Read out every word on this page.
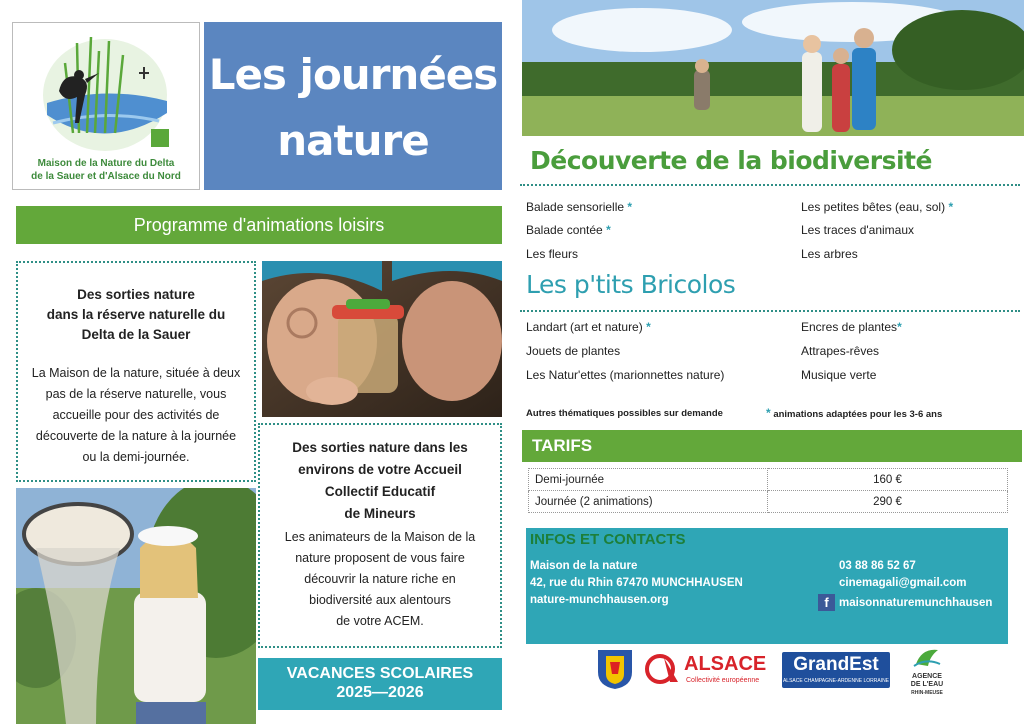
Maison de la Nature du Delta
de la Sauer et d'Alsace du Nord
Les journées
nature
Programme d'animations loisirs
Des sorties nature
dans la réserve naturelle du
Delta de la Sauer
La Maison de la nature, située à deux
pas de la réserve naturelle, vous
accueille pour des activités de
découverte de la nature à la journée
ou la demi-journée.
Des sorties nature dans les
environs de votre Accueil
Collectif Educatif
de Mineurs
Les animateurs de la Maison de la
nature proposent de vous faire
découvrir la nature riche en
biodiversité aux alentours
de votre ACEM.
VACANCES SCOLAIRES
2025—2026
Découverte de la biodiversité
Balade sensorielle *
Balade contée *
Les fleurs
Les petites bêtes (eau, sol) *
Les traces d'animaux
Les arbres
Les p'tits Bricolos
Landart (art et nature) *
Jouets de plantes
Les Natur'ettes (marionnettes nature)
Encres de plantes*
Attrapes-rêves
Musique verte
Autres thématiques possibles sur demande	* animations adaptées pour les 3-6 ans
TARIFS
Demi-journée	160 €
Journée (2 animations)	290 €
INFOS ET CONTACTS
Maison de la nature
42, rue du Rhin 67470 MUNCHHAUSEN
nature-munchhausen.org
03 88 86 52 67
cinemagali@gmail.com
f maisonnaturemunchhausen
ALSACE
Collectivité européenne
GrandEst
ALSACE CHAMPAGNE-ARDENNE LORRAINE
AGENCE
DE L'EAU
RHIN-MEUSE
